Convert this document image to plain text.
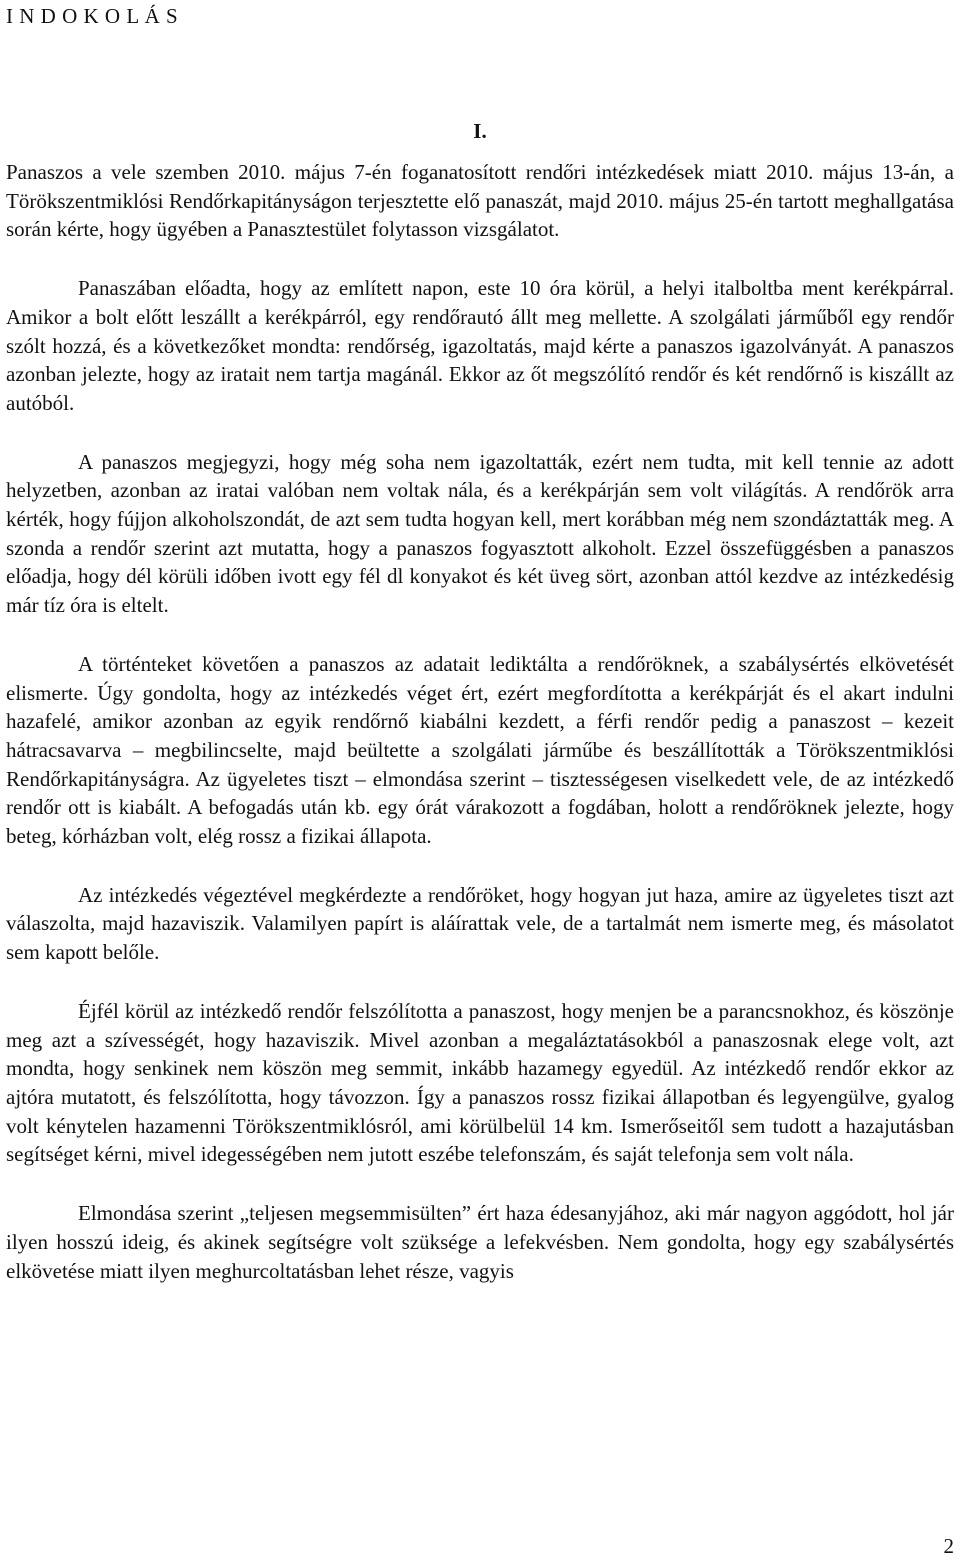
I N D O K O L Á S
I.

Panaszos a vele szemben 2010. május 7-én foganatosított rendőri intézkedések miatt 2010. május 13-án, a Törökszentmiklósi Rendőrkapitányságon terjesztette elő panaszát, majd 2010. május 25-én tartott meghallgatása során kérte, hogy ügyében a Panasztestület folytasson vizsgálatot.

Panaszában előadta, hogy az említett napon, este 10 óra körül, a helyi italboltba ment kerékpárral. Amikor a bolt előtt leszállt a kerékpárról, egy rendőrautó állt meg mellette. A szolgálati járműből egy rendőr szólt hozzá, és a következőket mondta: rendőrség, igazoltatás, majd kérte a panaszos igazolványát. A panaszos azonban jelezte, hogy az iratait nem tartja magánál. Ekkor az őt megszólító rendőr és két rendőrnő is kiszállt az autóból.

A panaszos megjegyzi, hogy még soha nem igazoltatták, ezért nem tudta, mit kell tennie az adott helyzetben, azonban az iratai valóban nem voltak nála, és a kerékpárján sem volt világítás. A rendőrök arra kérték, hogy fújjon alkoholszondát, de azt sem tudta hogyan kell, mert korábban még nem szondáztatták meg. A szonda a rendőr szerint azt mutatta, hogy a panaszos fogyasztott alkoholt. Ezzel összefüggésben a panaszos előadja, hogy dél körüli időben ivott egy fél dl konyakot és két üveg sört, azonban attól kezdve az intézkedésig már tíz óra is eltelt.

A történteket követően a panaszos az adatait lediktálta a rendőröknek, a szabálysértés elkövetését elismerte. Úgy gondolta, hogy az intézkedés véget ért, ezért megfordította a kerékpárját és el akart indulni hazafelé, amikor azonban az egyik rendőrnő kiabálni kezdett, a férfi rendőr pedig a panaszost – kezeit hátracsavarva – megbilincselte, majd beültette a szolgálati járműbe és beszállították a Törökszentmiklósi Rendőrkapitányságra. Az ügyeletes tiszt – elmondása szerint – tisztességesen viselkedett vele, de az intézkedő rendőr ott is kiabált. A befogadás után kb. egy órát várakozott a fogdában, holott a rendőröknek jelezte, hogy beteg, kórházban volt, elég rossz a fizikai állapota.

Az intézkedés végeztével megkérdezte a rendőröket, hogy hogyan jut haza, amire az ügyeletes tiszt azt válaszolta, majd hazaviszik. Valamilyen papírt is aláírattak vele, de a tartalmát nem ismerte meg, és másolatot sem kapott belőle.

Éjfél körül az intézkedő rendőr felszólította a panaszost, hogy menjen be a parancsnokhoz, és köszönje meg azt a szívességét, hogy hazaviszik. Mivel azonban a megaláztatásokból a panaszosnak elege volt, azt mondta, hogy senkinek nem köszön meg semmit, inkább hazamegy egyedül. Az intézkedő rendőr ekkor az ajtóra mutatott, és felszólította, hogy távozzon. Így a panaszos rossz fizikai állapotban és legyengülve, gyalog volt kénytelen hazamenni Törökszentmiklósról, ami körülbelül 14 km. Ismerőseitől sem tudott a hazajutásban segítséget kérni, mivel idegességében nem jutott eszébe telefonszám, és saját telefonja sem volt nála.

Elmondása szerint „teljesen megsemmisülten” ért haza édesanyjához, aki már nagyon aggódott, hol jár ilyen hosszú ideig, és akinek segítségre volt szüksége a lefekvésben. Nem gondolta, hogy egy szabálysértés elkövetése miatt ilyen meghurcoltatásban lehet része, vagyis

2
